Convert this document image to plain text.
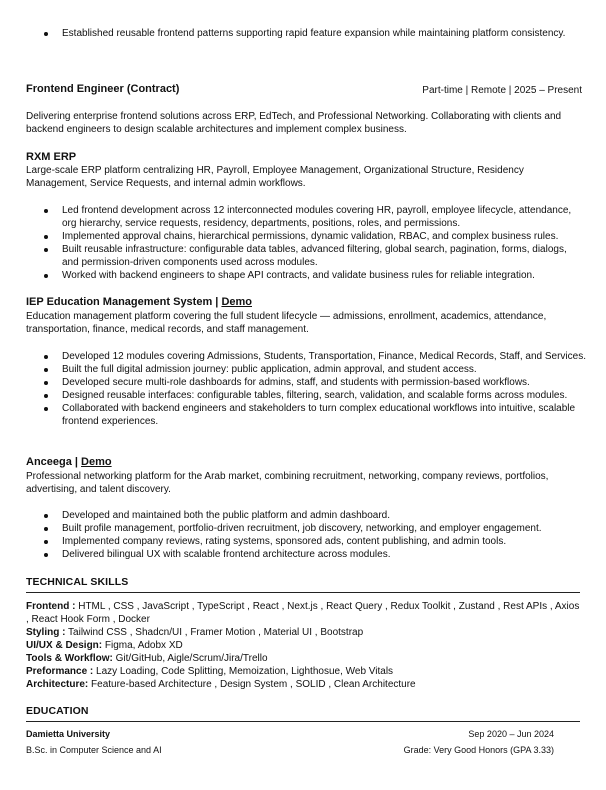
Established reusable frontend patterns supporting rapid feature expansion while maintaining platform consistency.
Frontend Engineer (Contract)	Part-time | Remote | 2025 – Present
Delivering enterprise frontend solutions across ERP, EdTech, and Professional Networking. Collaborating with clients and backend engineers to design scalable architectures and implement complex business.
RXM ERP
Large-scale ERP platform centralizing HR, Payroll, Employee Management, Organizational Structure, Residency Management, Service Requests, and internal admin workflows.
Led frontend development across 12 interconnected modules covering HR, payroll, employee lifecycle, attendance, org hierarchy, service requests, residency, departments, positions, roles, and permissions.
Implemented approval chains, hierarchical permissions, dynamic validation, RBAC, and complex business rules.
Built reusable infrastructure: configurable data tables, advanced filtering, global search, pagination, forms, dialogs, and permission-driven components used across modules.
Worked with backend engineers to shape API contracts, and validate business rules for reliable integration.
IEP Education Management System | Demo
Education management platform covering the full student lifecycle — admissions, enrollment, academics, attendance, transportation, finance, medical records, and staff management.
Developed 12 modules covering Admissions, Students, Transportation, Finance, Medical Records, Staff, and Services.
Built the full digital admission journey: public application, admin approval, and student access.
Developed secure multi-role dashboards for admins, staff, and students with permission-based workflows.
Designed reusable interfaces: configurable tables, filtering, search, validation, and scalable forms across modules.
Collaborated with backend engineers and stakeholders to turn complex educational workflows into intuitive, scalable frontend experiences.
Anceega | Demo
Professional networking platform for the Arab market, combining recruitment, networking, company reviews, portfolios, advertising, and talent discovery.
Developed and maintained both the public platform and admin dashboard.
Built profile management, portfolio-driven recruitment, job discovery, networking, and employer engagement.
Implemented company reviews, rating systems, sponsored ads, content publishing, and admin tools.
Delivered bilingual UX with scalable frontend architecture across modules.
TECHNICAL SKILLS
Frontend : HTML , CSS , JavaScript , TypeScript , React , Next.js , React Query , Redux Toolkit , Zustand , Rest APIs , Axios , React Hook Form , Docker
Styling : Tailwind CSS , Shadcn/UI , Framer Motion , Material UI , Bootstrap
UI/UX & Design: Figma, Adobx XD
Tools & Workflow: Git/GitHub, Aigle/Scrum/Jira/Trello
Preformance : Lazy Loading, Code Splitting, Memoization, Lighthosue, Web Vitals
Architecture: Feature-based Architecture , Design System , SOLID , Clean Architecture
EDUCATION
Damietta University	Sep 2020 – Jun 2024
B.Sc. in Computer Science and AI	Grade: Very Good Honors (GPA 3.33)
